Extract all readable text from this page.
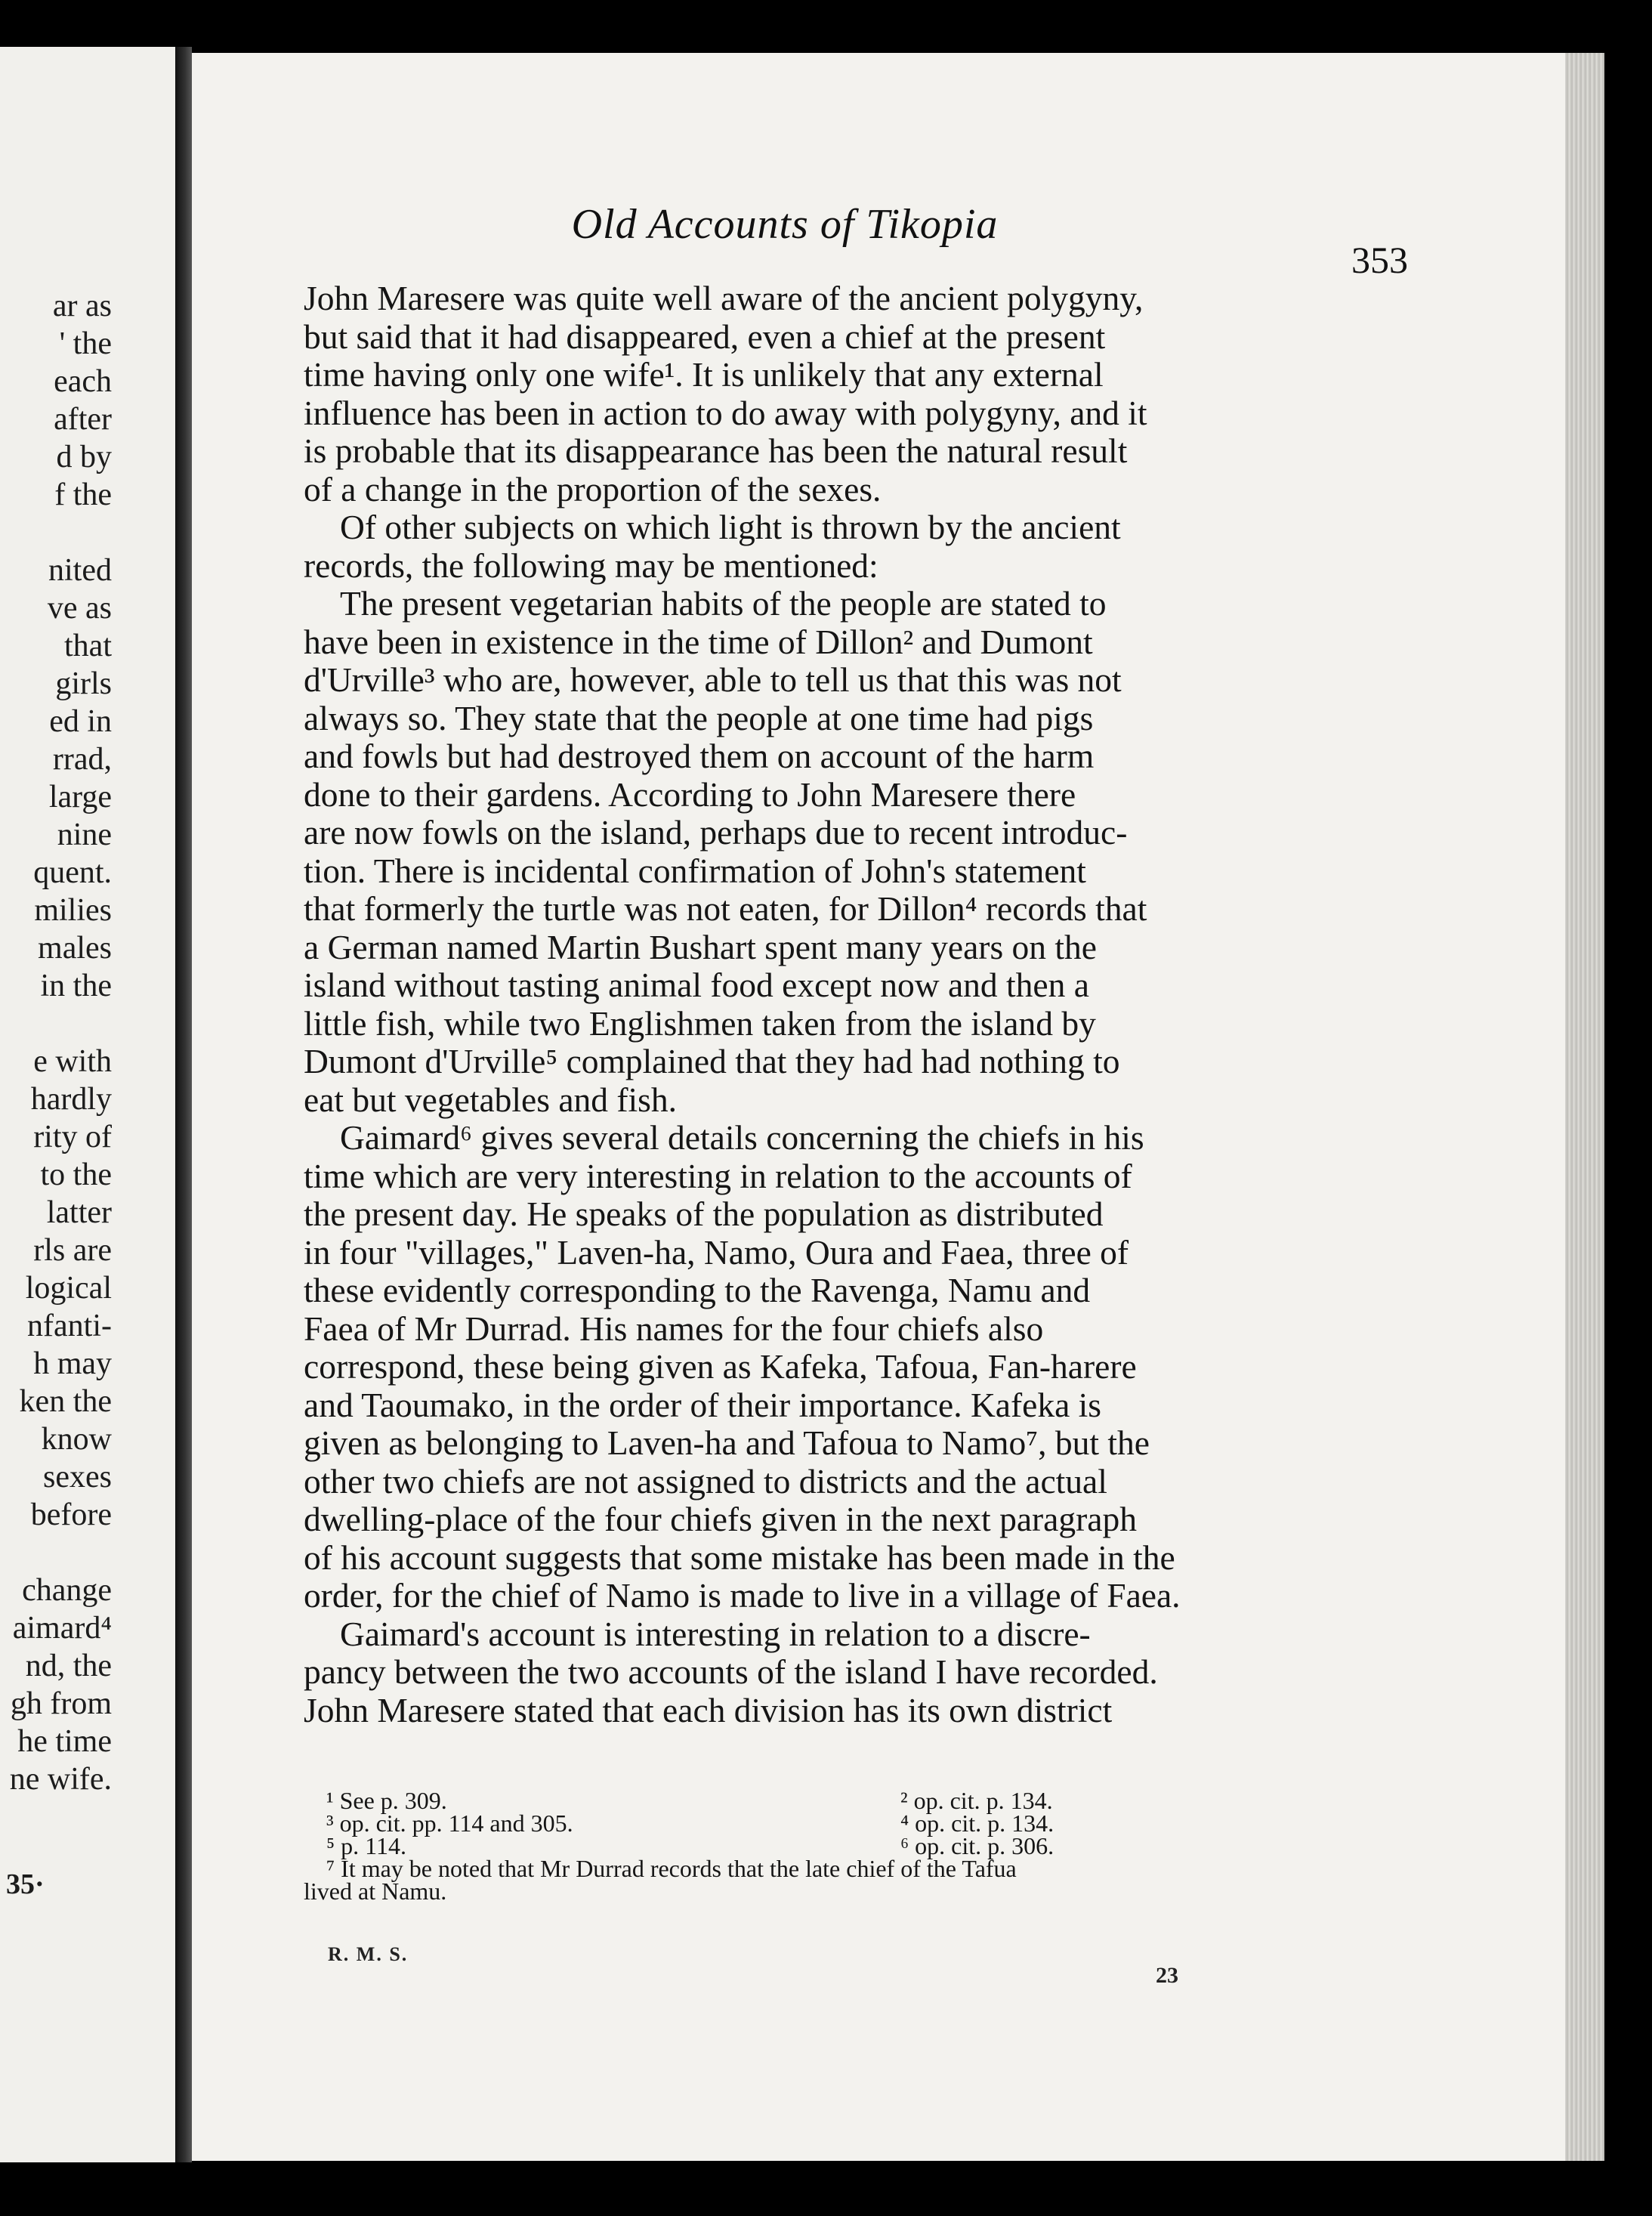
ar as
' the
each
after
d by
f the
nited
ve as
that
girls
ed in
rrad,
large
nine
quent.
milies
males
in the
e with
hardly
rity of
to the
latter
rls are
logical
nfanti-
h may
ken the
know
sexes
before
change
aimard⁴
nd, the
gh from
he time
ne wife.
35·
Old Accounts of Tikopia
353
John Maresere was quite well aware of the ancient polygyny,
but said that it had disappeared, even a chief at the present
time having only one wife¹. It is unlikely that any external
influence has been in action to do away with polygyny, and it
is probable that its disappearance has been the natural result
of a change in the proportion of the sexes.
Of other subjects on which light is thrown by the ancient
records, the following may be mentioned:
The present vegetarian habits of the people are stated to
have been in existence in the time of Dillon² and Dumont
d'Urville³ who are, however, able to tell us that this was not
always so. They state that the people at one time had pigs
and fowls but had destroyed them on account of the harm
done to their gardens. According to John Maresere there
are now fowls on the island, perhaps due to recent introduc-
tion. There is incidental confirmation of John's statement
that formerly the turtle was not eaten, for Dillon⁴ records that
a German named Martin Bushart spent many years on the
island without tasting animal food except now and then a
little fish, while two Englishmen taken from the island by
Dumont d'Urville⁵ complained that they had had nothing to
eat but vegetables and fish.
Gaimard⁶ gives several details concerning the chiefs in his
time which are very interesting in relation to the accounts of
the present day. He speaks of the population as distributed
in four "villages," Laven-ha, Namo, Oura and Faea, three of
these evidently corresponding to the Ravenga, Namu and
Faea of Mr Durrad. His names for the four chiefs also
correspond, these being given as Kafeka, Tafoua, Fan-harere
and Taoumako, in the order of their importance. Kafeka is
given as belonging to Laven-ha and Tafoua to Namo⁷, but the
other two chiefs are not assigned to districts and the actual
dwelling-place of the four chiefs given in the next paragraph
of his account suggests that some mistake has been made in the
order, for the chief of Namo is made to live in a village of Faea.
Gaimard's account is interesting in relation to a discre-
pancy between the two accounts of the island I have recorded.
John Maresere stated that each division has its own district
¹ See p. 309.	² op. cit. p. 134.
³ op. cit. pp. 114 and 305.	⁴ op. cit. p. 134.
⁵ p. 114.	⁶ op. cit. p. 306.
⁷ It may be noted that Mr Durrad records that the late chief of the Tafua
lived at Namu.
R. M. S.
23
